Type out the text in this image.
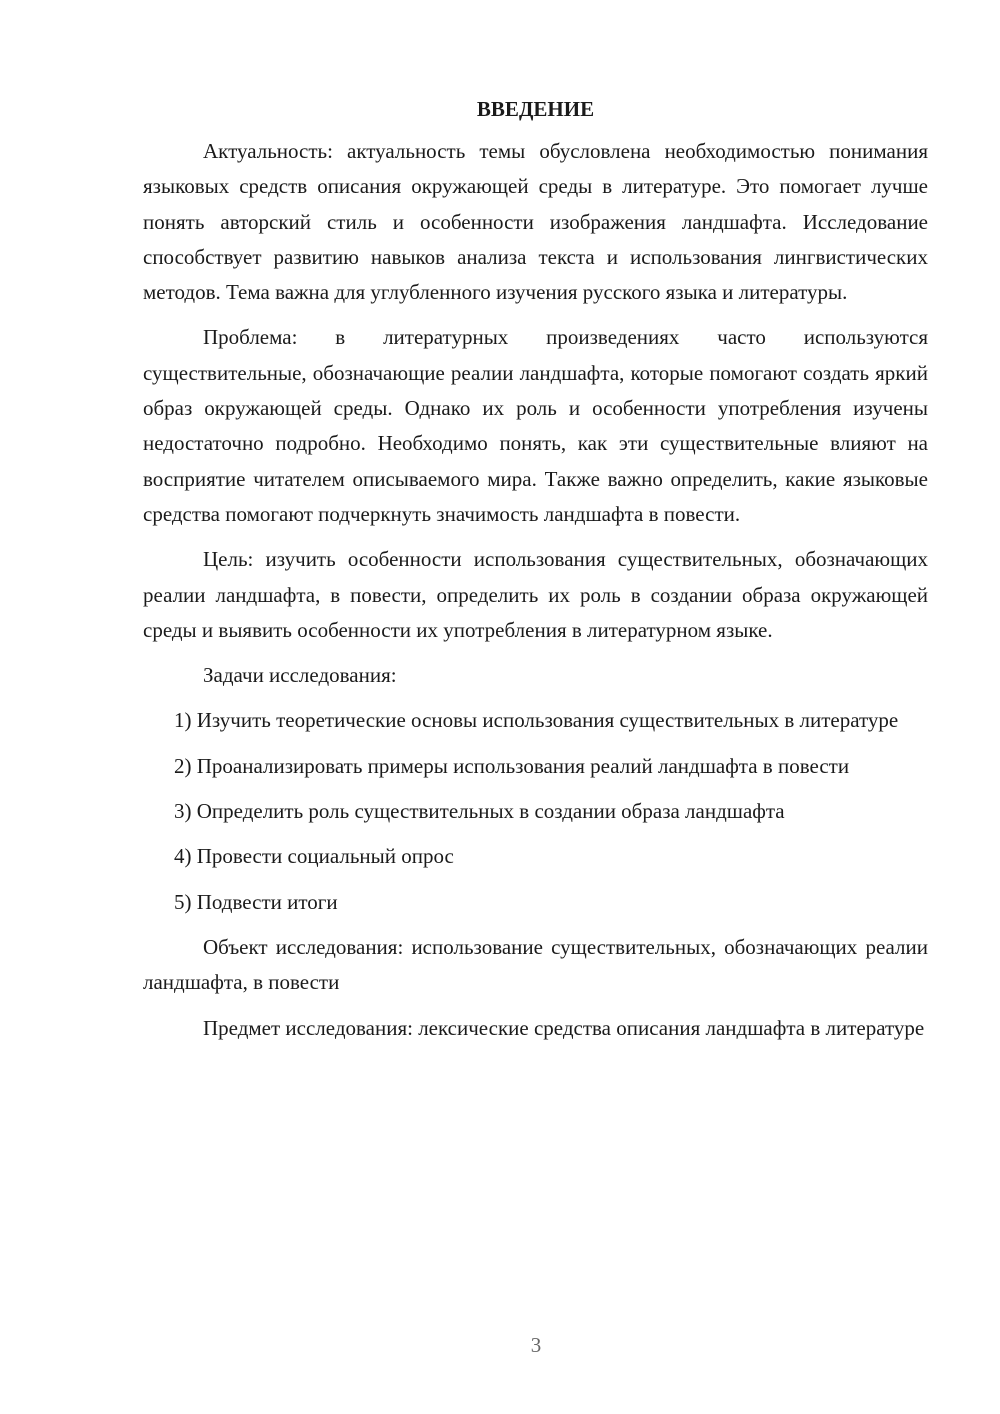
ВВЕДЕНИЕ

Актуальность: актуальность темы обусловлена необходимостью понимания языковых средств описания окружающей среды в литературе. Это помогает лучше понять авторский стиль и особенности изображения ландшафта. Исследование способствует развитию навыков анализа текста и использования лингвистических методов. Тема важна для углубленного изучения русского языка и литературы.

Проблема: в литературных произведениях часто используются существительные, обозначающие реалии ландшафта, которые помогают создать яркий образ окружающей среды. Однако их роль и особенности употребления изучены недостаточно подробно. Необходимо понять, как эти существительные влияют на восприятие читателем описываемого мира. Также важно определить, какие языковые средства помогают подчеркнуть значимость ландшафта в повести.

Цель: изучить особенности использования существительных, обозначающих реалии ландшафта, в повести, определить их роль в создании образа окружающей среды и выявить особенности их употребления в литературном языке.

Задачи исследования:

1) Изучить теоретические основы использования существительных в литературе

2) Проанализировать примеры использования реалий ландшафта в повести

3) Определить роль существительных в создании образа ландшафта

4) Провести социальный опрос

5) Подвести итоги

Объект исследования: использование существительных, обозначающих реалии ландшафта, в повести

Предмет исследования: лексические средства описания ландшафта в литературе

3
